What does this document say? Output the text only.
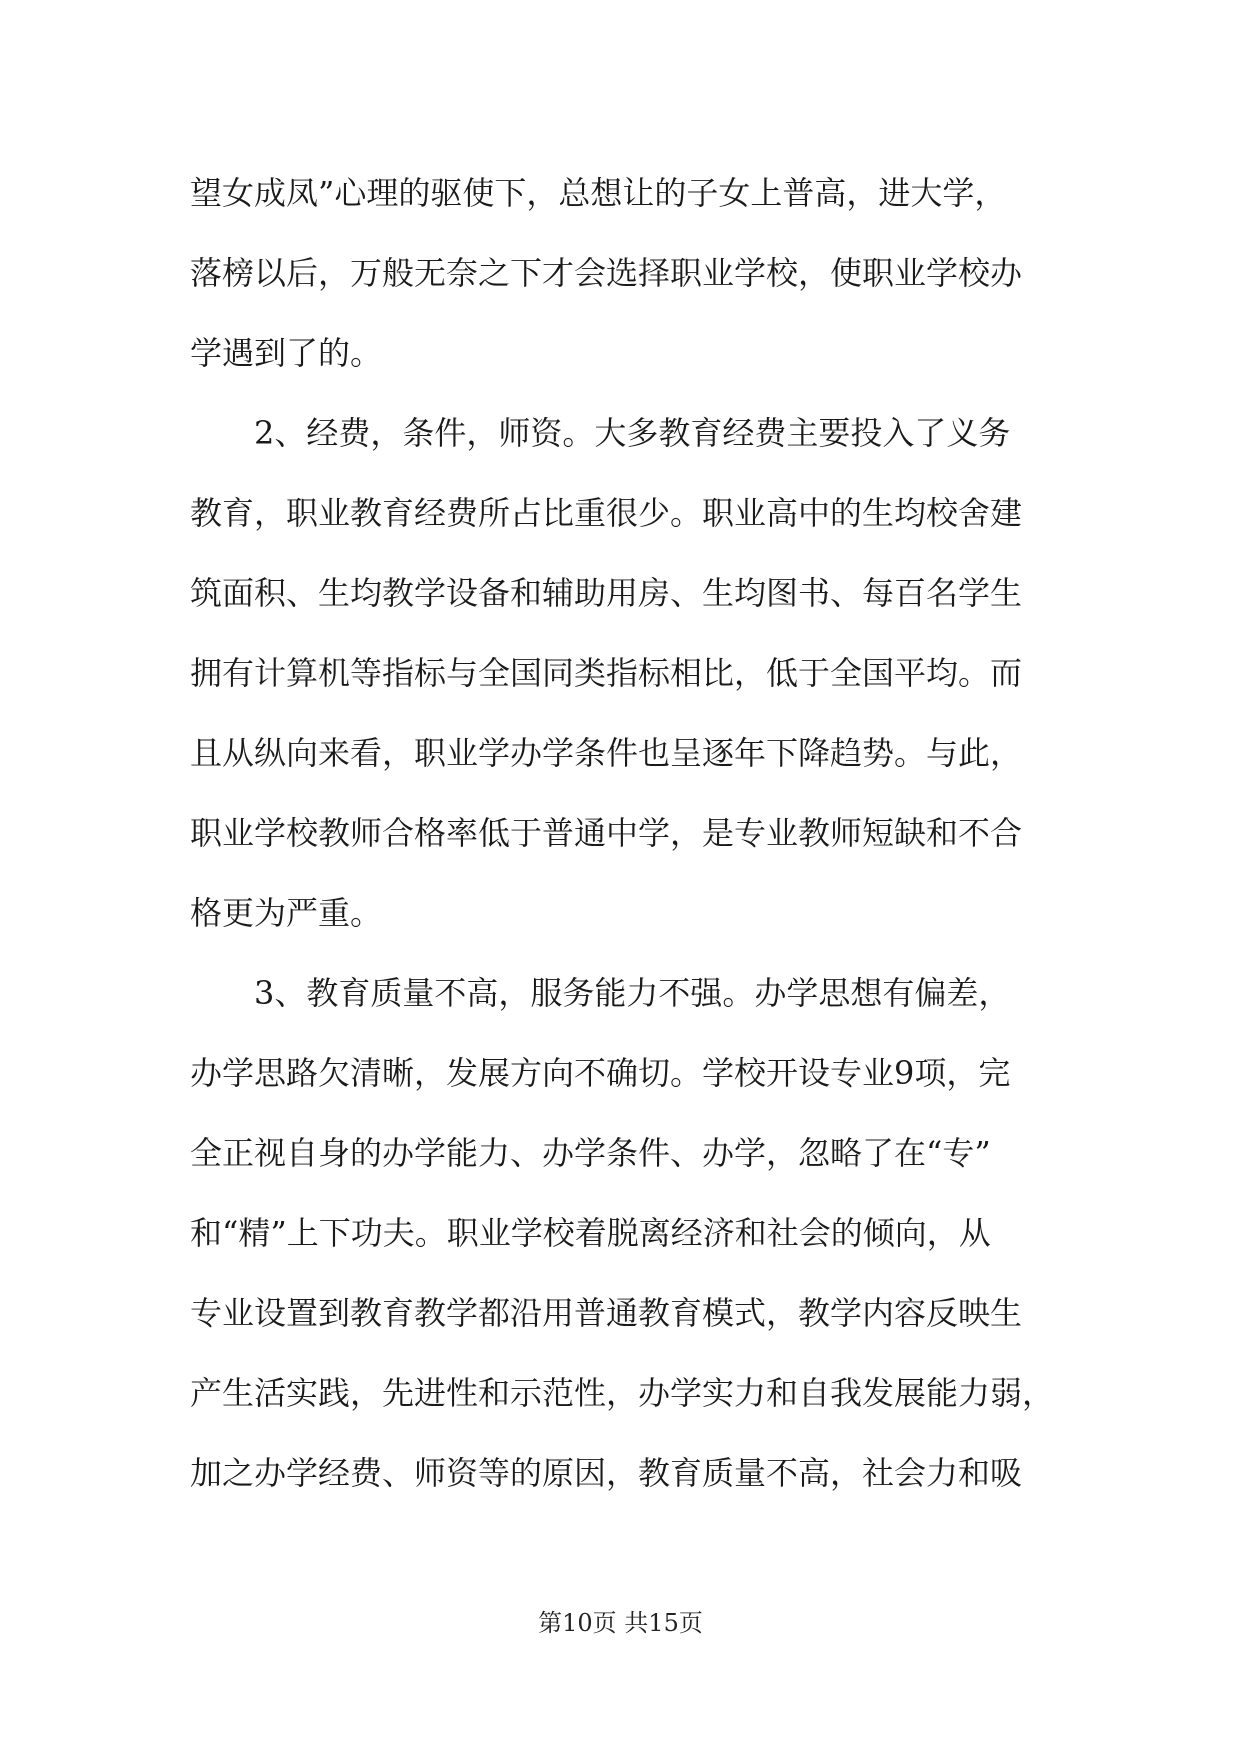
望女成凤”心理的驱使下，总想让的子女上普高，进大学，
落榜以后，万般无奈之下才会选择职业学校，使职业学校办
学遇到了的。
2、经费，条件，师资。大多教育经费主要投入了义务
教育，职业教育经费所占比重很少。职业高中的生均校舍建
筑面积、生均教学设备和辅助用房、生均图书、每百名学生
拥有计算机等指标与全国同类指标相比，低于全国平均。而
且从纵向来看，职业学办学条件也呈逐年下降趋势。与此，
职业学校教师合格率低于普通中学，是专业教师短缺和不合
格更为严重。
3、教育质量不高，服务能力不强。办学思想有偏差，
办学思路欠清晰，发展方向不确切。学校开设专业9项，完
全正视自身的办学能力、办学条件、办学，忽略了在“专”
和“精”上下功夫。职业学校着脱离经济和社会的倾向，从
专业设置到教育教学都沿用普通教育模式，教学内容反映生
产生活实践，先进性和示范性，办学实力和自我发展能力弱，
加之办学经费、师资等的原因，教育质量不高，社会力和吸
第10页 共15页
